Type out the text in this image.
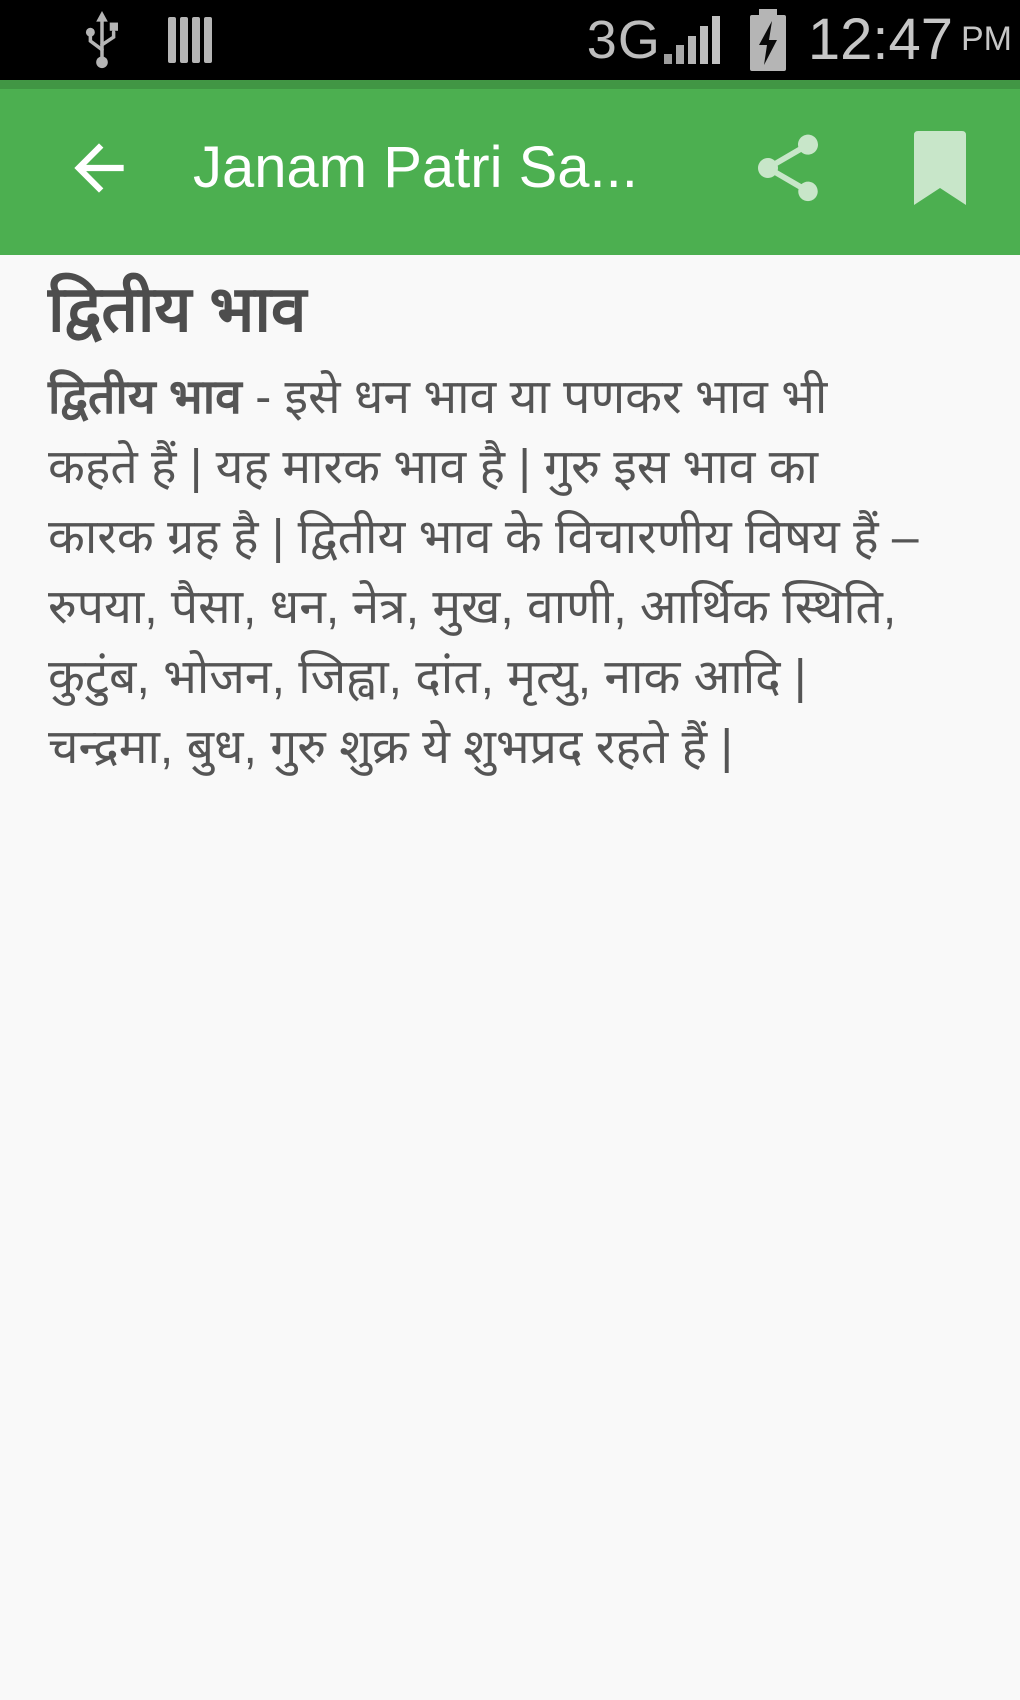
3G	12:47 PM
Janam Patri Sa...
द्वितीय भाव

द्वितीय भाव - इसे धन भाव या पणकर भाव भी कहते हैं | यह मारक भाव है | गुरु इस भाव का कारक ग्रह है | द्वितीय भाव के विचारणीय विषय हैं – रुपया, पैसा, धन, नेत्र, मुख, वाणी, आर्थिक स्थिति, कुटुंब, भोजन, जिह्वा, दांत, मृत्यु, नाक आदि | चन्द्रमा, बुध, गुरु शुक्र ये शुभप्रद रहते हैं |
